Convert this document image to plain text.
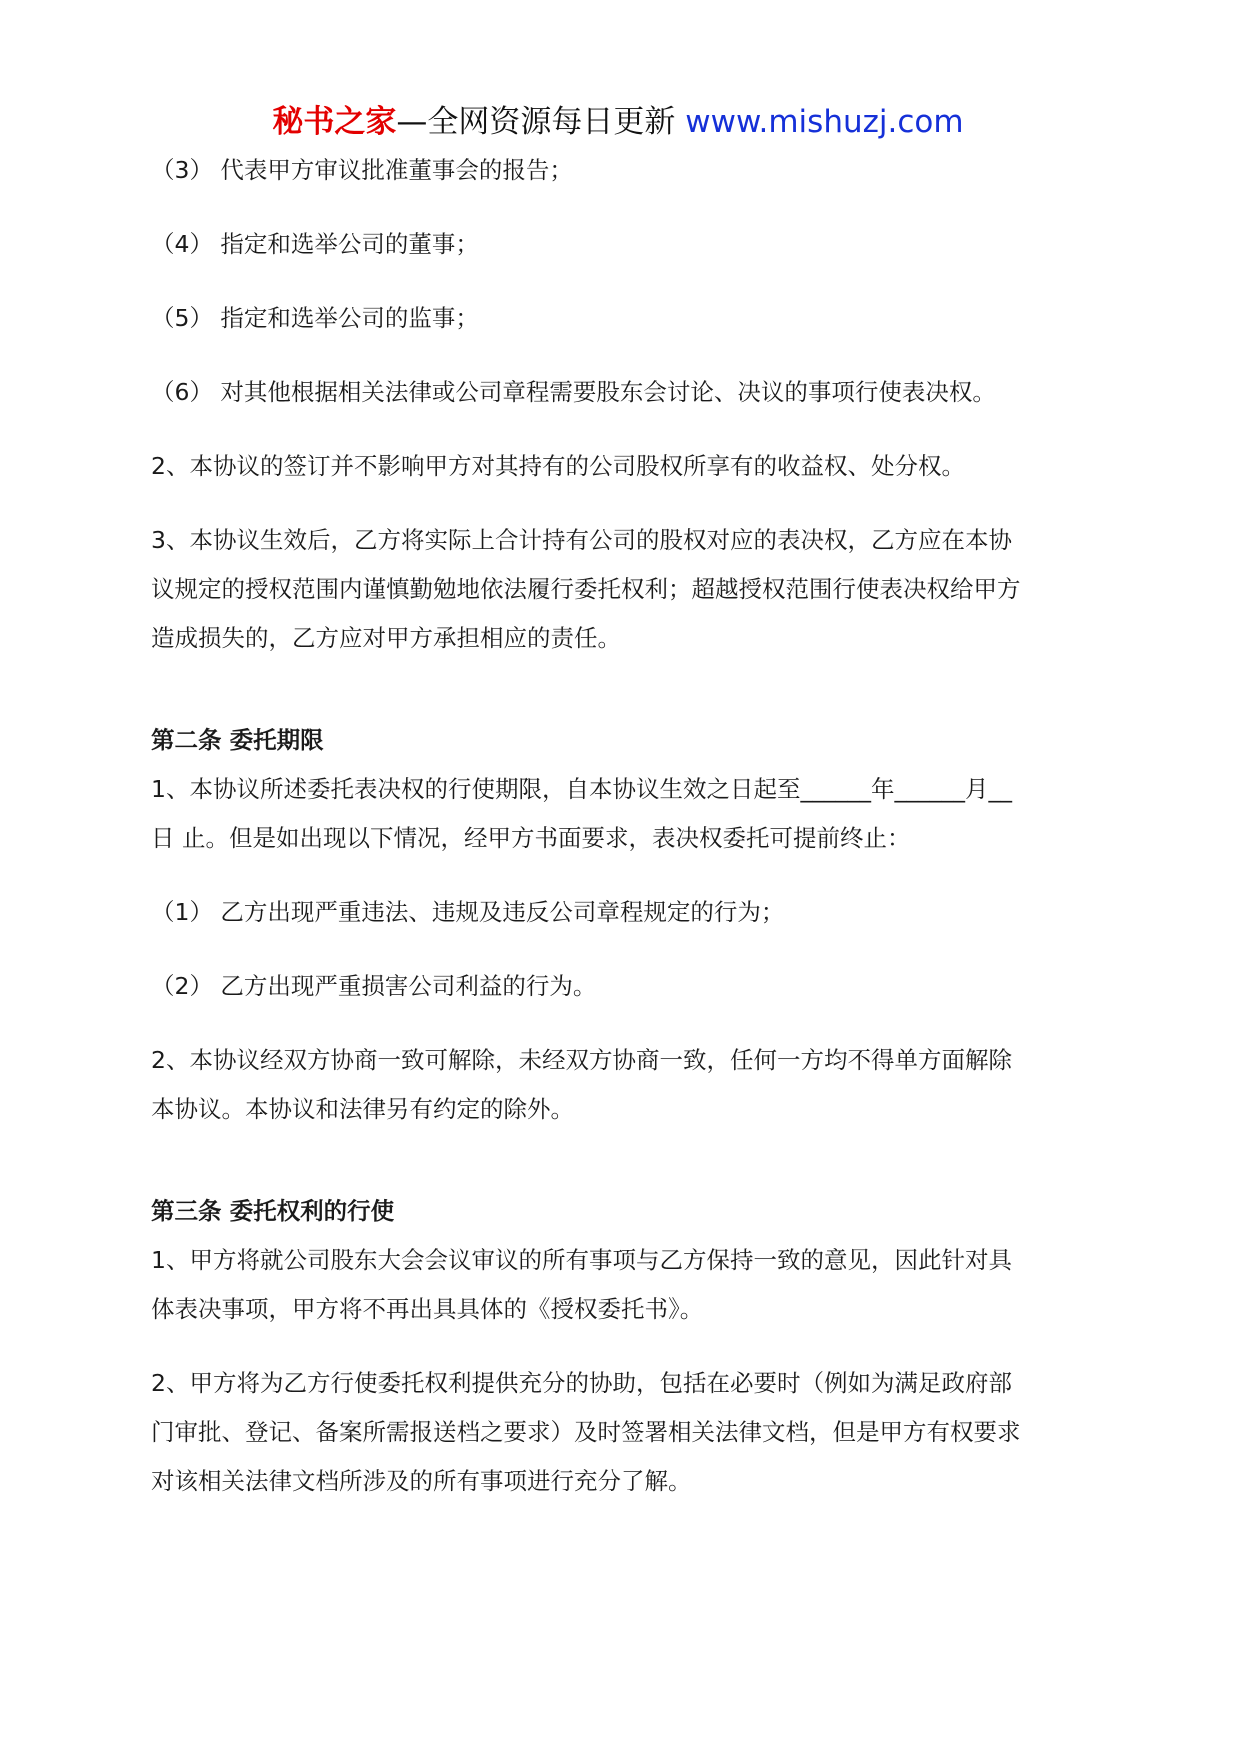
秘书之家—全网资源每日更新 www.mishuzj.com

（3） 代表甲方审议批准董事会的报告；

（4） 指定和选举公司的董事；

（5） 指定和选举公司的监事；

（6） 对其他根据相关法律或公司章程需要股东会讨论、决议的事项行使表决权。

2、本协议的签订并不影响甲方对其持有的公司股权所享有的收益权、处分权。

3、本协议生效后，乙方将实际上合计持有公司的股权对应的表决权，乙方应在本协
议规定的授权范围内谨慎勤勉地依法履行委托权利；超越授权范围行使表决权给甲方
造成损失的，乙方应对甲方承担相应的责任。

第二条 委托期限

1、本协议所述委托表决权的行使期限，自本协议生效之日起至______年______月__
日 止。但是如出现以下情况，经甲方书面要求，表决权委托可提前终止：

（1） 乙方出现严重违法、违规及违反公司章程规定的行为；

（2） 乙方出现严重损害公司利益的行为。

2、本协议经双方协商一致可解除，未经双方协商一致，任何一方均不得单方面解除
本协议。本协议和法律另有约定的除外。

第三条 委托权利的行使

1、甲方将就公司股东大会会议审议的所有事项与乙方保持一致的意见，因此针对具
体表决事项，甲方将不再出具具体的《授权委托书》。

2、甲方将为乙方行使委托权利提供充分的协助，包括在必要时（例如为满足政府部
门审批、登记、备案所需报送档之要求）及时签署相关法律文档，但是甲方有权要求
对该相关法律文档所涉及的所有事项进行充分了解。
